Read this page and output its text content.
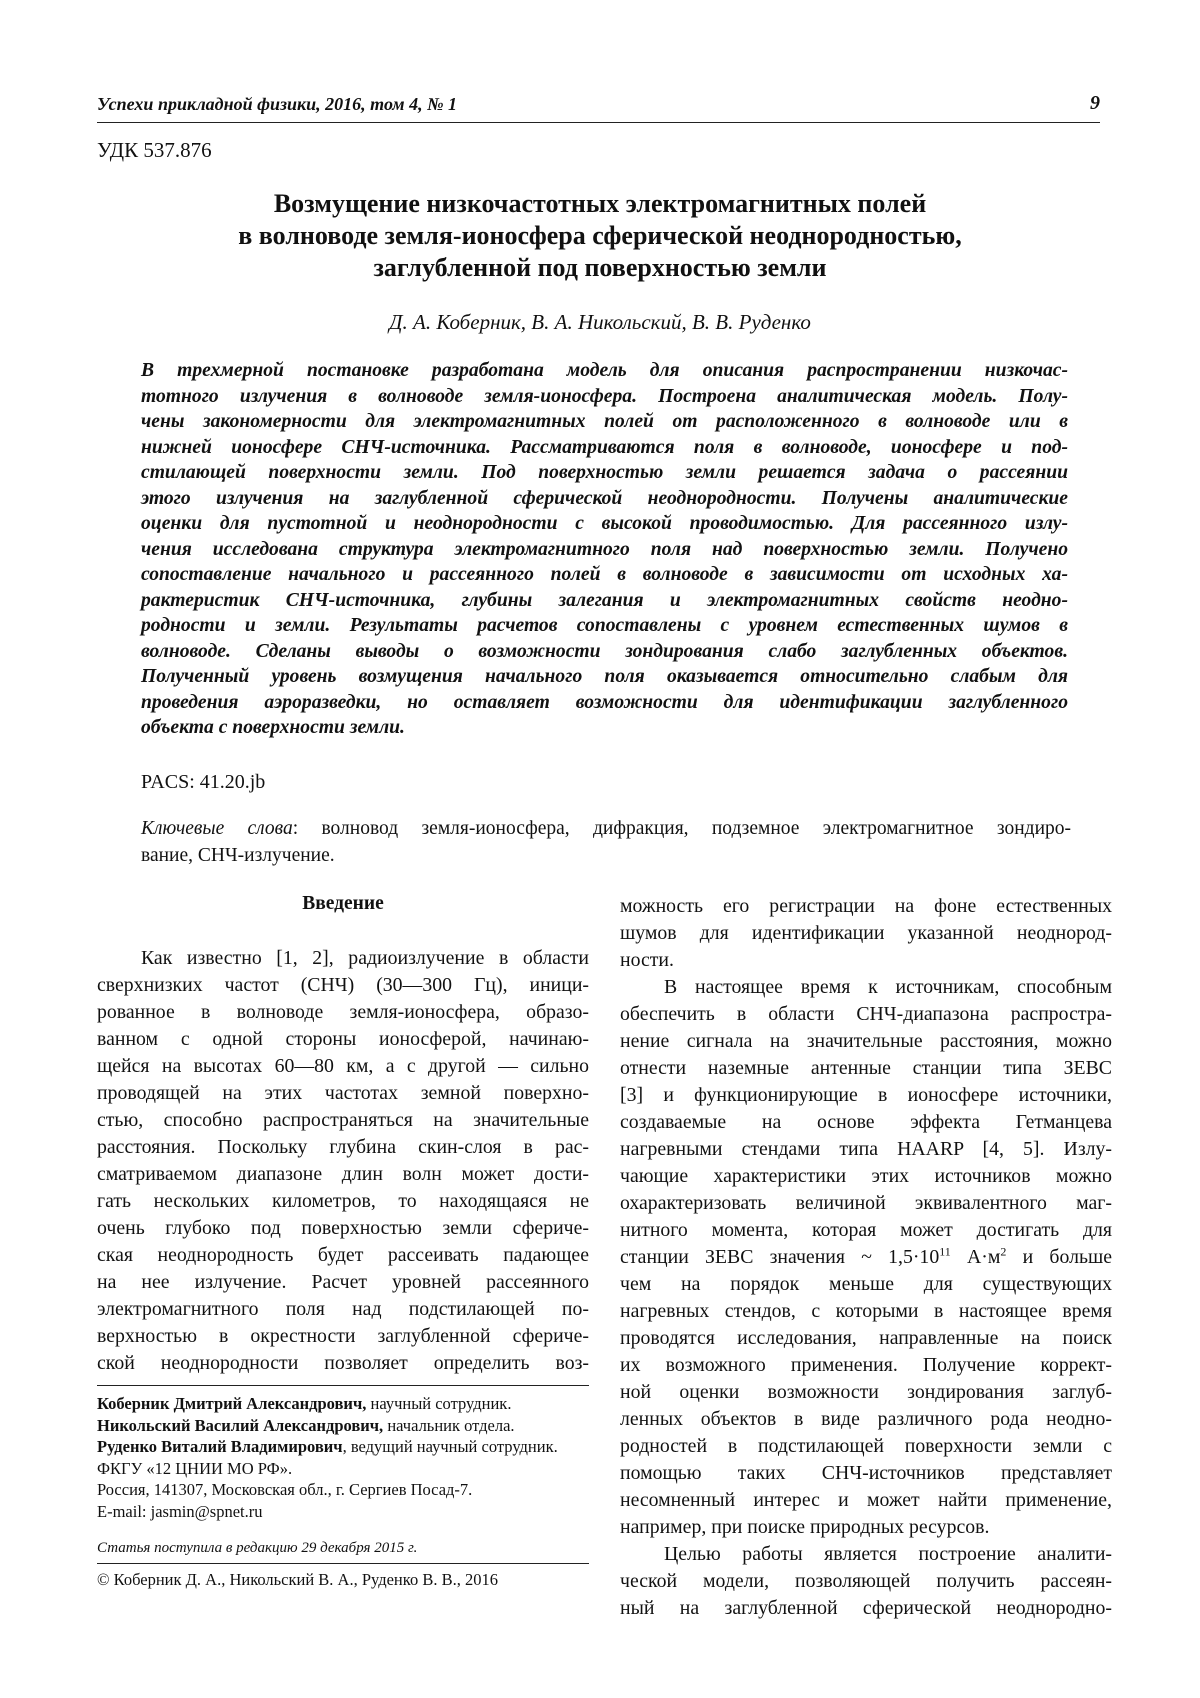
Успехи прикладной физики, 2016, том 4, № 1	9
УДК 537.876
Возмущение низкочастотных электромагнитных полей
в волноводе земля-ионосфера сферической неоднородностью,
заглубленной под поверхностью земли
Д. А. Коберник, В. А. Никольский, В. В. Руденко
В трехмерной постановке разработана модель для описания распространении низкочас-
тотного излучения в волноводе земля-ионосфера. Построена аналитическая модель. Полу-
чены закономерности для электромагнитных полей от расположенного в волноводе или в
нижней ионосфере СНЧ-источника. Рассматриваются поля в волноводе, ионосфере и под-
стилающей поверхности земли. Под поверхностью земли решается задача о рассеянии
этого излучения на заглубленной сферической неоднородности. Получены аналитические
оценки для пустотной и неоднородности с высокой проводимостью. Для рассеянного излу-
чения исследована структура электромагнитного поля над поверхностью земли. Получено
сопоставление начального и рассеянного полей в волноводе в зависимости от исходных ха-
рактеристик СНЧ-источника, глубины залегания и электромагнитных свойств неодно-
родности и земли. Результаты расчетов сопоставлены с уровнем естественных шумов в
волноводе. Сделаны выводы о возможности зондирования слабо заглубленных объектов.
Полученный уровень возмущения начального поля оказывается относительно слабым для
проведения аэроразведки, но оставляет возможности для идентификации заглубленного
объекта с поверхности земли.
PACS: 41.20.jb
Ключевые слова: волновод земля-ионосфера, дифракция, подземное электромагнитное зондиро-
вание, СНЧ-излучение.
Введение
Как известно [1, 2], радиоизлучение в области
сверхнизких частот (СНЧ) (30—300 Гц), иници-
рованное в волноводе земля-ионосфера, образо-
ванном с одной стороны ионосферой, начинаю-
щейся на высотах 60—80 км, а с другой — сильно
проводящей на этих частотах земной поверхно-
стью, способно распространяться на значительные
расстояния. Поскольку глубина скин-слоя в рас-
сматриваемом диапазоне длин волн может дости-
гать нескольких километров, то находящаяся не
очень глубоко под поверхностью земли сфериче-
ская неоднородность будет рассеивать падающее
на нее излучение. Расчет уровней рассеянного
электромагнитного поля над подстилающей по-
верхностью в окрестности заглубленной сфериче-
ской неоднородности позволяет определить воз-
можность его регистрации на фоне естественных
шумов для идентификации указанной неоднород-
ности.
В настоящее время к источникам, способным
обеспечить в области СНЧ-диапазона распростра-
нение сигнала на значительные расстояния, можно
отнести наземные антенные станции типа ЗЕВС
[3] и функционирующие в ионосфере источники,
создаваемые на основе эффекта Гетманцева
нагревными стендами типа HAARP [4, 5]. Излу-
чающие характеристики этих источников можно
охарактеризовать величиной эквивалентного маг-
нитного момента, которая может достигать для
станции ЗЕВС значения ~ $1,5\cdot 10^{11}$ $А\cdot м^2$ и больше
чем на порядок меньше для существующих
нагревных стендов, с которыми в настоящее время
проводятся исследования, направленные на поиск
их возможного применения. Получение коррект-
ной оценки возможности зондирования заглуб-
ленных объектов в виде различного рода неодно-
родностей в подстилающей поверхности земли с
помощью таких СНЧ-источников представляет
несомненный интерес и может найти применение,
например, при поиске природных ресурсов.
Целью работы является построение аналити-
ческой модели, позволяющей получить рассеян-
ный на заглубленной сферической неоднородно-
Коберник Дмитрий Александрович, научный сотрудник.
Никольский Василий Александрович, начальник отдела.
Руденко Виталий Владимирович, ведущий научный сотрудник.
ФКГУ «12 ЦНИИ МО РФ».
Россия, 141307, Московская обл., г. Сергиев Посад-7.
E-mail: jasmin@spnet.ru
Статья поступила в редакцию 29 декабря 2015 г.
© Коберник Д. А., Никольский В. А., Руденко В. В., 2016
